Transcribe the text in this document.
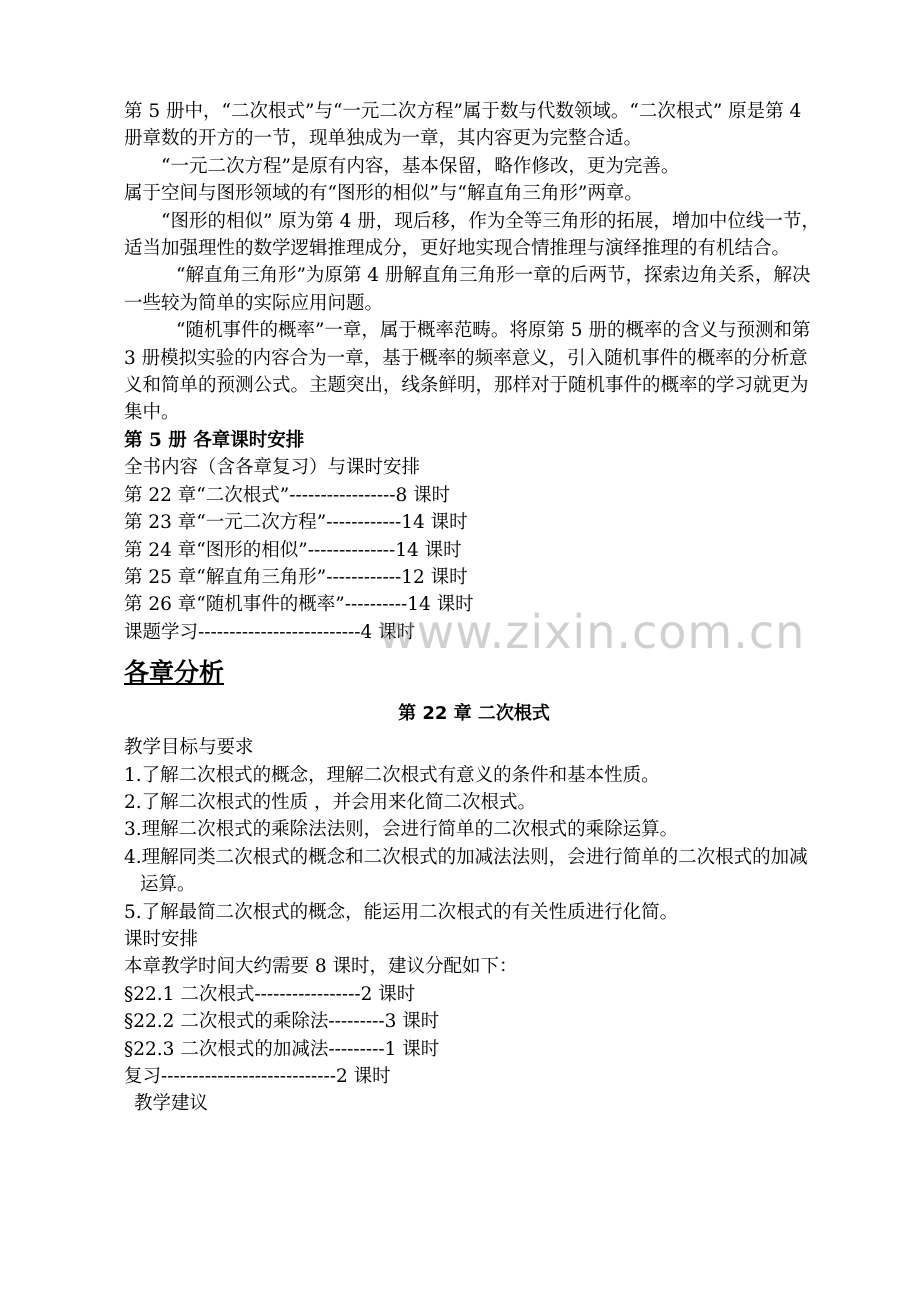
第 5 册中，“二次根式”与“一元二次方程”属于数与代数领域。“二次根式” 原是第 4 册章数的开方的一节，现单独成为一章，其内容更为完整合适。

“一元二次方程”是原有内容，基本保留，略作修改，更为完善。

属于空间与图形领域的有“图形的相似”与“解直角三角形”两章。

“图形的相似” 原为第 4 册，现后移，作为全等三角形的拓展，增加中位线一节，适当加强理性的数学逻辑推理成分，更好地实现合情推理与演绎推理的有机结合。

“解直角三角形”为原第 4 册解直角三角形一章的后两节，探索边角关系，解决一些较为简单的实际应用问题。

“随机事件的概率”一章，属于概率范畴。将原第 5 册的概率的含义与预测和第 3 册模拟实验的内容合为一章，基于概率的频率意义，引入随机事件的概率的分析意义和简单的预测公式。主题突出，线条鲜明，那样对于随机事件的概率的学习就更为集中。

第 5 册 各章课时安排

全书内容（含各章复习）与课时安排

第 22 章“二次根式”-----------------8 课时

第 23 章“一元二次方程”------------14 课时

第 24 章“图形的相似”--------------14 课时

第 25 章“解直角三角形”------------12 课时

第 26 章“随机事件的概率”----------14 课时

课题学习--------------------------4 课时

各章分析

第 22 章 二次根式

教学目标与要求

1.了解二次根式的概念，理解二次根式有意义的条件和基本性质。

2.了解二次根式的性质 ，并会用来化简二次根式。

3.理解二次根式的乘除法法则，会进行简单的二次根式的乘除运算。

4.理解同类二次根式的概念和二次根式的加减法法则，会进行简单的二次根式的加减运算。

5.了解最简二次根式的概念，能运用二次根式的有关性质进行化简。

课时安排

本章教学时间大约需要 8 课时，建议分配如下：

§22.1 二次根式-----------------2 课时

§22.2 二次根式的乘除法---------3 课时

§22.3 二次根式的加减法---------1 课时

复习----------------------------2 课时

教学建议

www.zixin.com.cn
